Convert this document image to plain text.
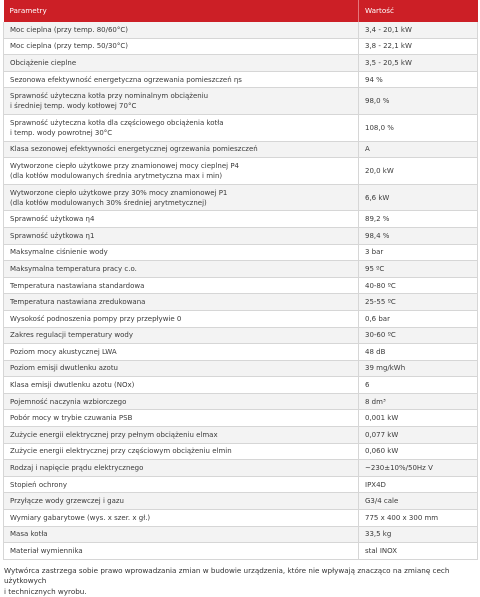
Parametry	Wartość
Moc cieplna (przy temp. 80/60°C)	3,4 - 20,1 kW
Moc cieplna (przy temp. 50/30°C)	3,8 - 22,1 kW
Obciążenie cieplne	3,5 - 20,5 kW
Sezonowa efektywność energetyczna ogrzewania pomieszczeń ηs	94 %
Sprawność użyteczna kotła przy nominalnym obciążeniu
i średniej temp. wody kotłowej 70°C	98,0 %
Sprawność użyteczna kotła dla częściowego obciążenia kotła
i temp. wody powrotnej 30°C	108,0 %
Klasa sezonowej efektywności energetycznej ogrzewania pomieszczeń	A
Wytworzone ciepło użytkowe przy znamionowej mocy cieplnej P4
(dla kotłów modulowanych średnia arytmetyczna max i min)	20,0 kW
Wytworzone ciepło użytkowe przy 30% mocy znamionowej P1
(dla kotłów modulowanych 30% średniej arytmetycznej)	6,6 kW
Sprawność użytkowa η4	89,2 %
Sprawność użytkowa η1	98,4 %
Maksymalne ciśnienie wody	3 bar
Maksymalna temperatura pracy c.o.	95 ºC
Temperatura nastawiana standardowa	40-80 ºC
Temperatura nastawiana zredukowana	25-55 ºC
Wysokość podnoszenia pompy przy przepływie 0	0,6 bar
Zakres regulacji temperatury wody	30-60 ºC
Poziom mocy akustycznej LWA	48 dB
Poziom emisji dwutlenku azotu	39 mg/kWh
Klasa emisji dwutlenku azotu (NOx)	6
Pojemność naczynia wzbiorczego	8 dm³
Pobór mocy w trybie czuwania PSB	0,001 kW
Zużycie energii elektrycznej przy pełnym obciążeniu elmax	0,077 kW
Zużycie energii elektrycznej przy częściowym obciążeniu elmin	0,060 kW
Rodzaj i napięcie prądu elektrycznego	~230±10%/50Hz V
Stopień ochrony	IPX4D
Przyłącze wody grzewczej i gazu	G3/4 cale
Wymiary gabarytowe (wys. x szer. x gł.)	775 x 400 x 300 mm
Masa kotła	33,5 kg
Materiał wymiennika	stal INOX
Wytwórca zastrzega sobie prawo wprowadzania zmian w budowie urządzenia, które nie wpływają znacząco na zmianę cech użytkowych
i technicznych wyrobu.
